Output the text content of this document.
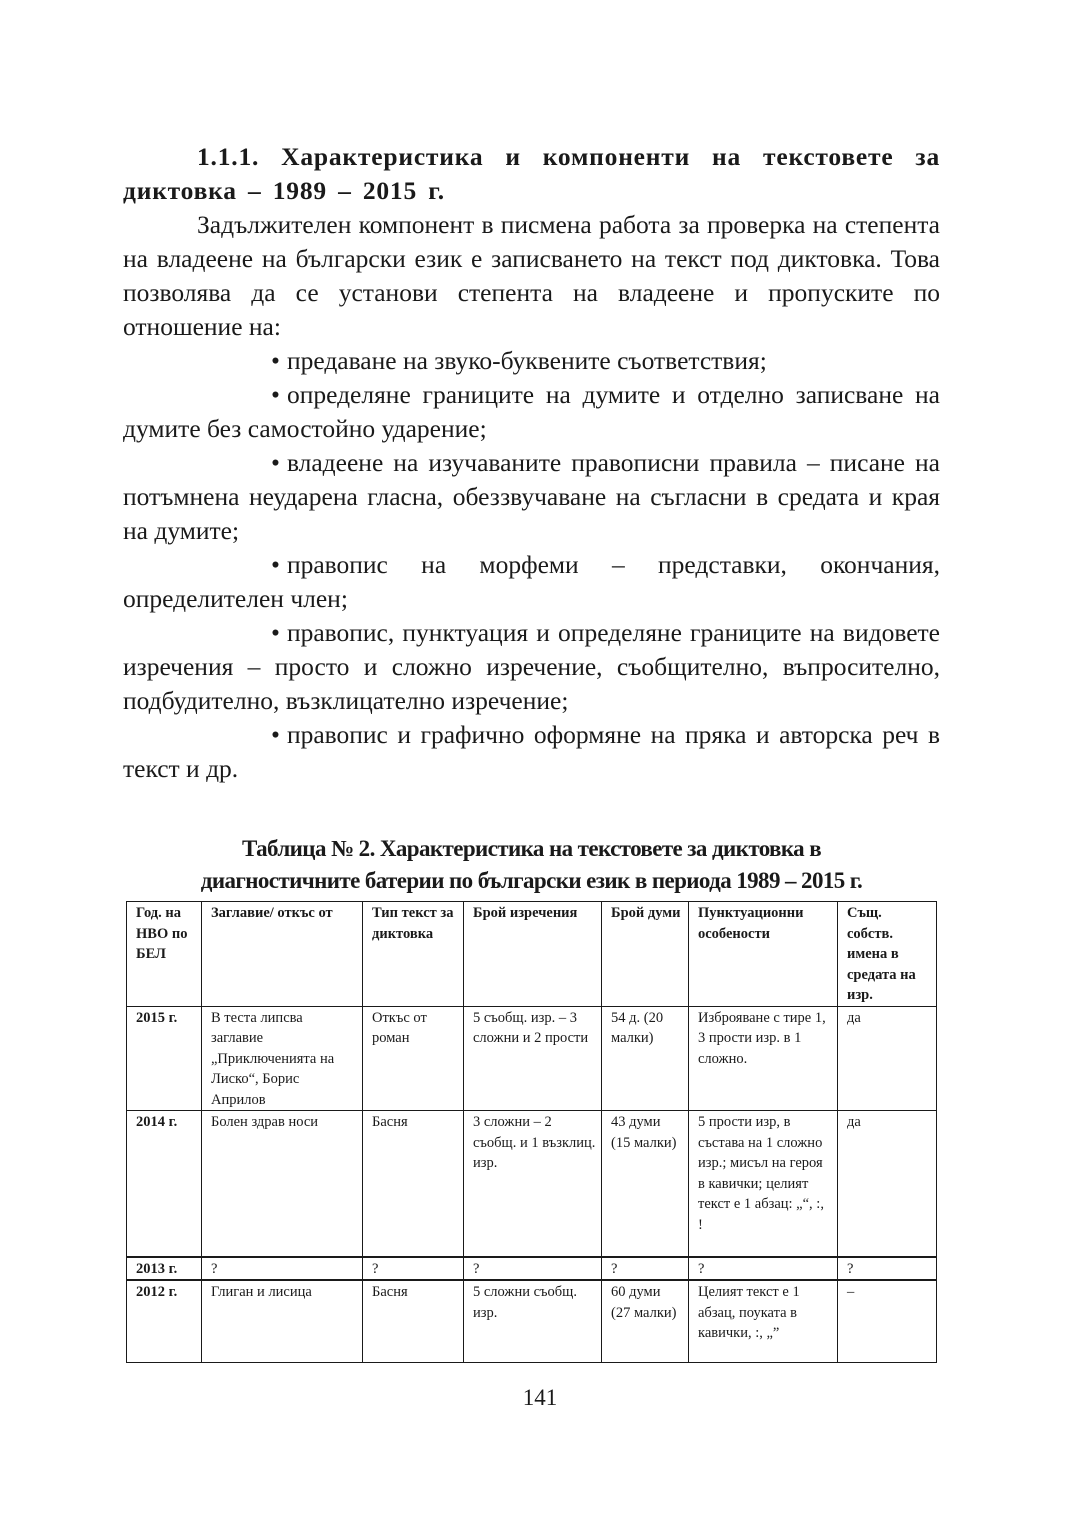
1.1.1. Характеристика и компоненти на текстовете за диктовка – 1989 – 2015 г.

Задължителен компонент в писмена работа за проверка на степента на владеене на български език е записването на текст под диктовка. Това позволява да се установи степента на владеене и пропуските по отношение на:

• предаване на звуко-буквените съответствия;

• определяне границите на думите и отделно записване на думите без самостойно ударение;

• владеене на изучаваните правописни правила – писане на потъмнена неударена гласна, обеззвучаване на съгласни в средата и края на думите;

• правопис на морфеми – представки, окончания, определителен член;

• правопис, пунктуация и определяне границите на видовете изречения – просто и сложно изречение, съобщително, въпросително, подбудително, възклицателно изречение;

• правопис и графично оформяне на пряка и авторска реч в текст и др.

Таблица № 2. Характеристика на текстовете за диктовка в
диагностичните батерии по български език в периода 1989 – 2015 г.
Год. на НВО по БЕЛ	Заглавие/ откъс от	Тип текст за диктовка	Брой изречения	Брой думи	Пунктуационни особености	Същ. собств. имена в средата на изр.
2015 г.	В теста липсва заглавие „Приключенията на Лиско“, Борис Априлов	Откъс от роман	5 съобщ. изр. – 3 сложни и 2 прости	54 д. (20 малки)	Изброяване с тире 1, 3 прости изр. в 1 сложно.	да
2014 г.	Болен здрав носи	Басня	3 сложни – 2 съобщ. и 1 възклиц. изр.	43 думи (15 малки)	5 прости изр, в състава на 1 сложно изр.; мисъл на героя в кавички; целият текст е 1 абзац: „“, :, !	да
2013 г.	?	?	?	?	?	?
2012 г.	Глиган и лисица	Басня	5 сложни съобщ. изр.	60 думи (27 малки)	Целият текст е 1 абзац, поуката в кавички, :, „”	–
141
